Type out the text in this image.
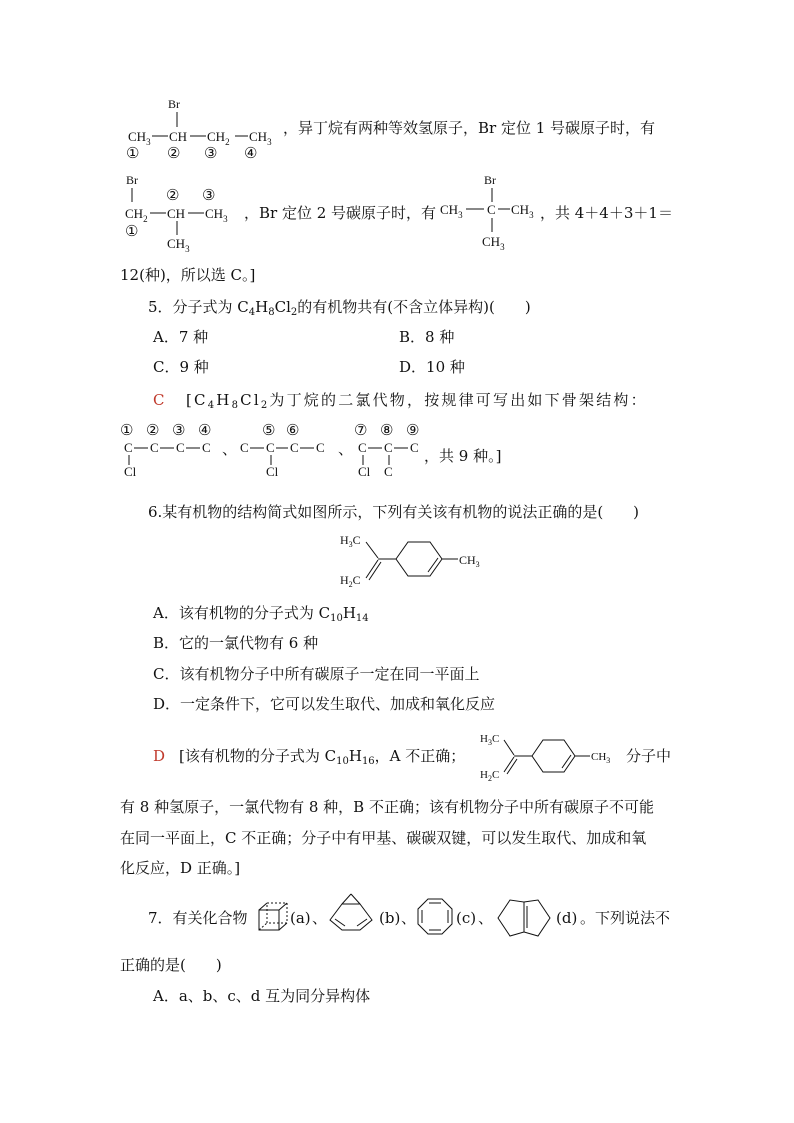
Br
$CH_3$ CH $CH_2$ $CH_3$
① ② ③ ④
，异丁烷有两种等效氢原子，Br 定位 1 号碳原子时，有
Br
② ③
$CH_2$ CH $CH_3$
$CH_3$
①
，Br 定位 2 号碳原子时，有
Br
$CH_3$ C $CH_3$
$CH_3$
，共 4＋4＋3＋1＝
12(种)，所以选 C。]
5．分子式为 $C_4H_8Cl_2$的有机物共有(不含立体异构)(　　)
A．7 种	B．8 种
C．9 种	D．10 种
C [$C_4H_8Cl_2$为丁烷的二氯代物，按规律可写出如下骨架结构：
① ② ③ ④
C C C C
Cl
、
⑤ ⑥
C C C C
Cl
、
⑦ ⑧ ⑨
C C C
Cl C
，共 9 种。]
6.某有机物的结构简式如图所示，下列有关该有机物的说法正确的是(　　)
$H_3C$
$H_2C$
$CH_3$
A．该有机物的分子式为 $C_{10}H_{14}$
B．它的一氯代物有 6 种
C．该有机物分子中所有碳原子一定在同一平面上
D．一定条件下，它可以发生取代、加成和氧化反应
D [该有机物的分子式为 $C_{10}H_{16}$，A 不正确；
$H_3C$
$H_2C$
$CH_3$ 分子中
有 8 种氢原子，一氯代物有 8 种，B 不正确；该有机物分子中所有碳原子不可能
在同一平面上，C 不正确；分子中有甲基、碳碳双键，可以发生取代、加成和氧
化反应，D 正确。]
7．有关化合物	(a) 、	(b) 、	(c) 、	(d) 。下列说法不
正确的是(　　)
A．a、b、c、d 互为同分异构体
